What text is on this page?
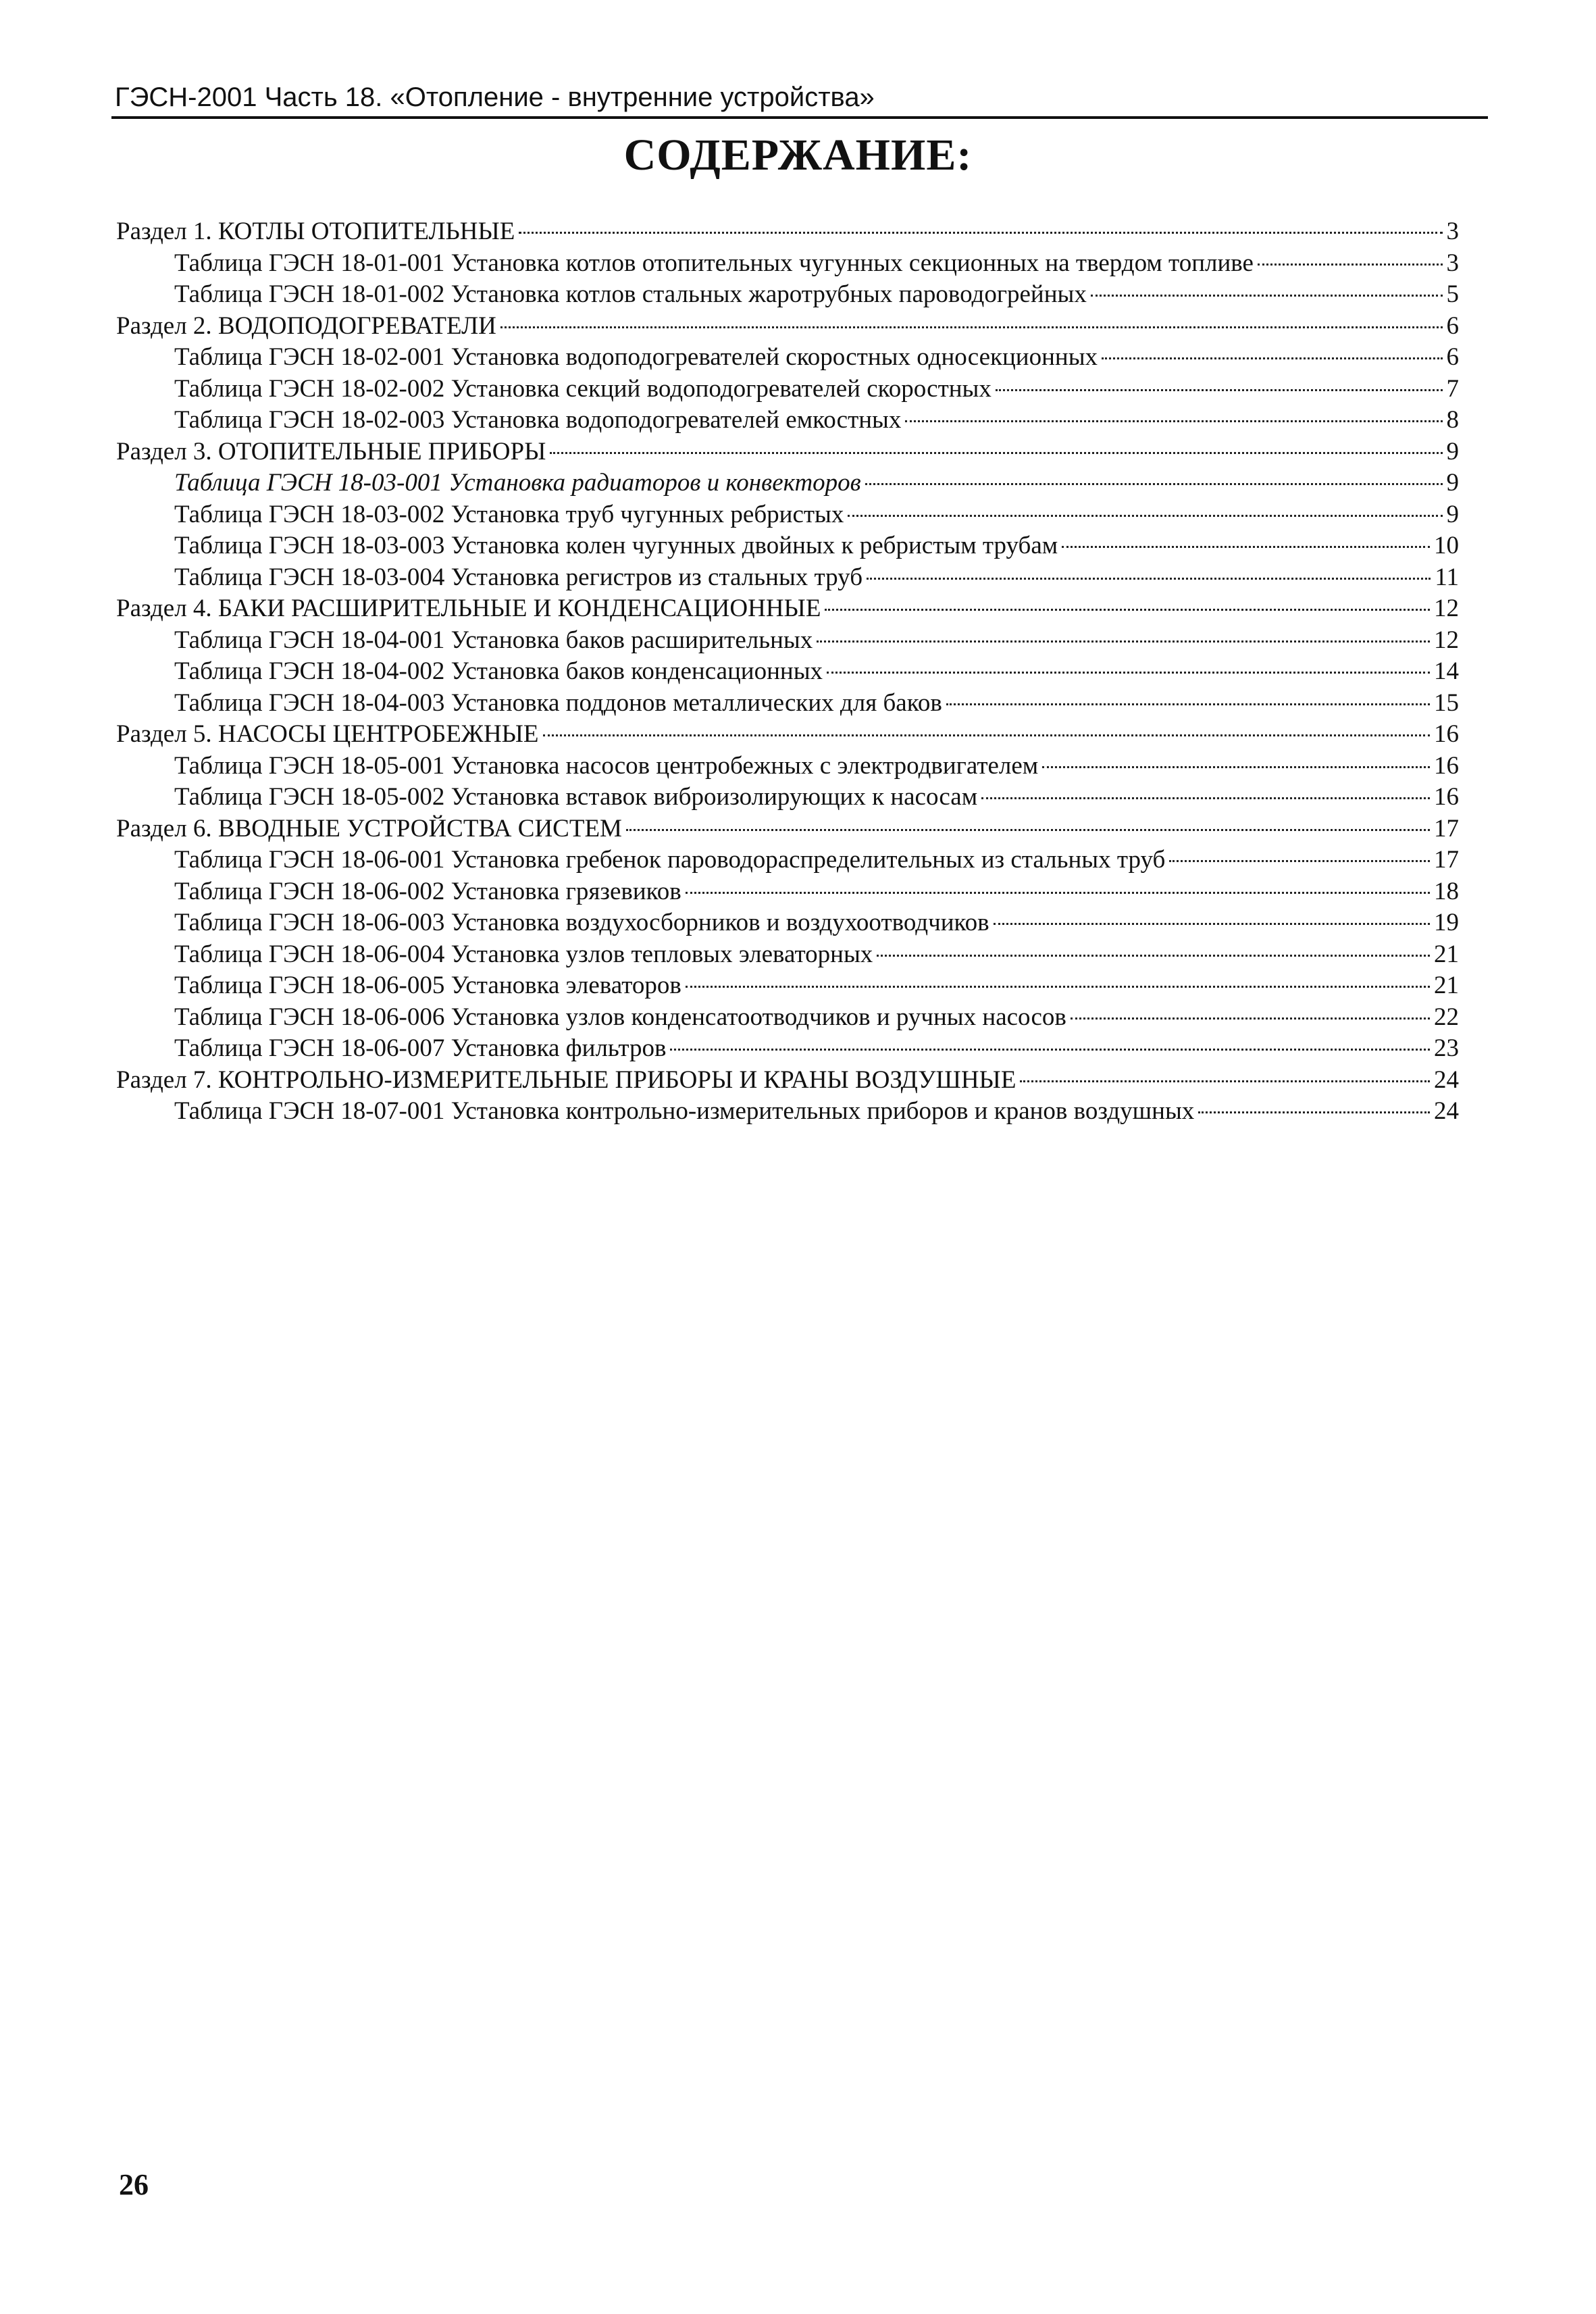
ГЭСН-2001 Часть 18. «Отопление - внутренние устройства»
СОДЕРЖАНИЕ:
Раздел 1. КОТЛЫ ОТОПИТЕЛЬНЫЕ	3
Таблица ГЭСН 18-01-001 Установка котлов отопительных чугунных секционных на твердом топливе	3
Таблица ГЭСН 18-01-002 Установка котлов стальных жаротрубных пароводогрейных	5
Раздел 2. ВОДОПОДОГРЕВАТЕЛИ	6
Таблица ГЭСН 18-02-001 Установка водоподогревателей скоростных односекционных	6
Таблица ГЭСН 18-02-002 Установка секций водоподогревателей скоростных	7
Таблица ГЭСН 18-02-003 Установка водоподогревателей емкостных	8
Раздел 3. ОТОПИТЕЛЬНЫЕ ПРИБОРЫ	9
Таблица ГЭСН 18-03-001 Установка радиаторов и конвекторов	9
Таблица ГЭСН 18-03-002 Установка труб чугунных ребристых	9
Таблица ГЭСН 18-03-003 Установка колен чугунных двойных к ребристым трубам	10
Таблица ГЭСН 18-03-004 Установка регистров из стальных труб	11
Раздел 4. БАКИ РАСШИРИТЕЛЬНЫЕ И КОНДЕНСАЦИОННЫЕ	12
Таблица ГЭСН 18-04-001 Установка баков расширительных	12
Таблица ГЭСН 18-04-002 Установка баков конденсационных	14
Таблица ГЭСН 18-04-003 Установка поддонов металлических для баков	15
Раздел 5. НАСОСЫ ЦЕНТРОБЕЖНЫЕ	16
Таблица ГЭСН 18-05-001 Установка насосов центробежных с электродвигателем	16
Таблица ГЭСН 18-05-002 Установка вставок виброизолирующих к насосам	16
Раздел 6. ВВОДНЫЕ УСТРОЙСТВА СИСТЕМ	17
Таблица ГЭСН 18-06-001 Установка гребенок пароводораспределительных из стальных труб	17
Таблица ГЭСН 18-06-002 Установка грязевиков	18
Таблица ГЭСН 18-06-003 Установка воздухосборников и воздухоотводчиков	19
Таблица ГЭСН 18-06-004 Установка узлов тепловых элеваторных	21
Таблица ГЭСН 18-06-005 Установка элеваторов	21
Таблица ГЭСН 18-06-006 Установка узлов конденсатоотводчиков и ручных насосов	22
Таблица ГЭСН 18-06-007 Установка фильтров	23
Раздел 7. КОНТРОЛЬНО-ИЗМЕРИТЕЛЬНЫЕ ПРИБОРЫ И КРАНЫ ВОЗДУШНЫЕ	24
Таблица ГЭСН 18-07-001 Установка контрольно-измерительных приборов и кранов воздушных	24
26
